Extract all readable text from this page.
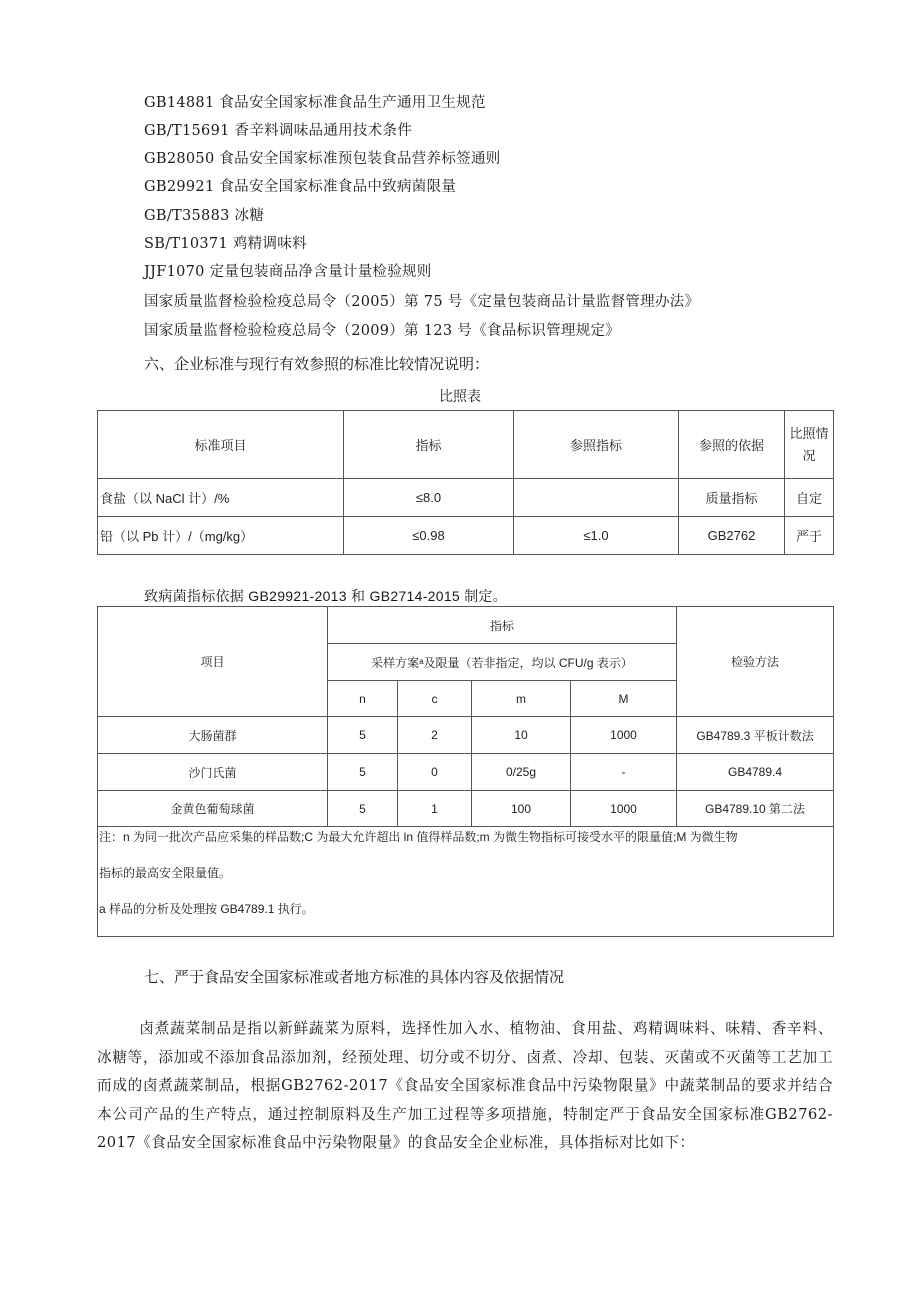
GB14881 食品安全国家标准食品生产通用卫生规范
GB/T15691 香辛料调味品通用技术条件
GB28050 食品安全国家标准预包装食品营养标签通则
GB29921 食品安全国家标准食品中致病菌限量
GB/T35883 冰糖
SB/T10371 鸡精调味料
JJF1070 定量包装商品净含量计量检验规则
国家质量监督检验检疫总局令（2005）第 75 号《定量包装商品计量监督管理办法》
国家质量监督检验检疫总局令（2009）第 123 号《食品标识管理规定》
六、企业标准与现行有效参照的标准比较情况说明：
比照表
标准项目	指标	参照指标	参照的依据	比照情况
食盐（以 NaCl 计）/%	≤8.0		质量指标	自定
铅（以 Pb 计）/（mg/kg）	≤0.98	≤1.0	GB2762	严于
致病菌指标依据 GB29921-2013 和 GB2714-2015 制定。
项目	指标				检验方法
	采样方案ᵃ及限量（若非指定，均以 CFU/g 表示）				
	n	c	m	M	
大肠菌群	5	2	10	1000	GB4789.3 平板计数法
沙门氏菌	5	0	0/25g	-	GB4789.4
金黄色葡萄球菌	5	1	100	1000	GB4789.10 第二法

注：n 为同一批次产品应采集的样品数;C 为最大允许超出 ln 值得样品数;m 为微生物指标可接受水平的限量值;M 为微生物
指标的最高安全限量值。
a 样品的分析及处理按 GB4789.1 执行。					
七、严于食品安全国家标准或者地方标准的具体内容及依据情况
卤煮蔬菜制品是指以新鲜蔬菜为原料，选择性加入水、植物油、食用盐、鸡精调味料、味精、香辛料、冰糖等，添加或不添加食品添加剂，经预处理、切分或不切分、卤煮、冷却、包装、灭菌或不灭菌等工艺加工而成的卤煮蔬菜制品，根据GB2762-2017《食品安全国家标准食品中污染物限量》中蔬菜制品的要求并结合本公司产品的生产特点，通过控制原料及生产加工过程等多项措施，特制定严于食品安全国家标准GB2762-2017《食品安全国家标准食品中污染物限量》的食品安全企业标准，具体指标对比如下：
